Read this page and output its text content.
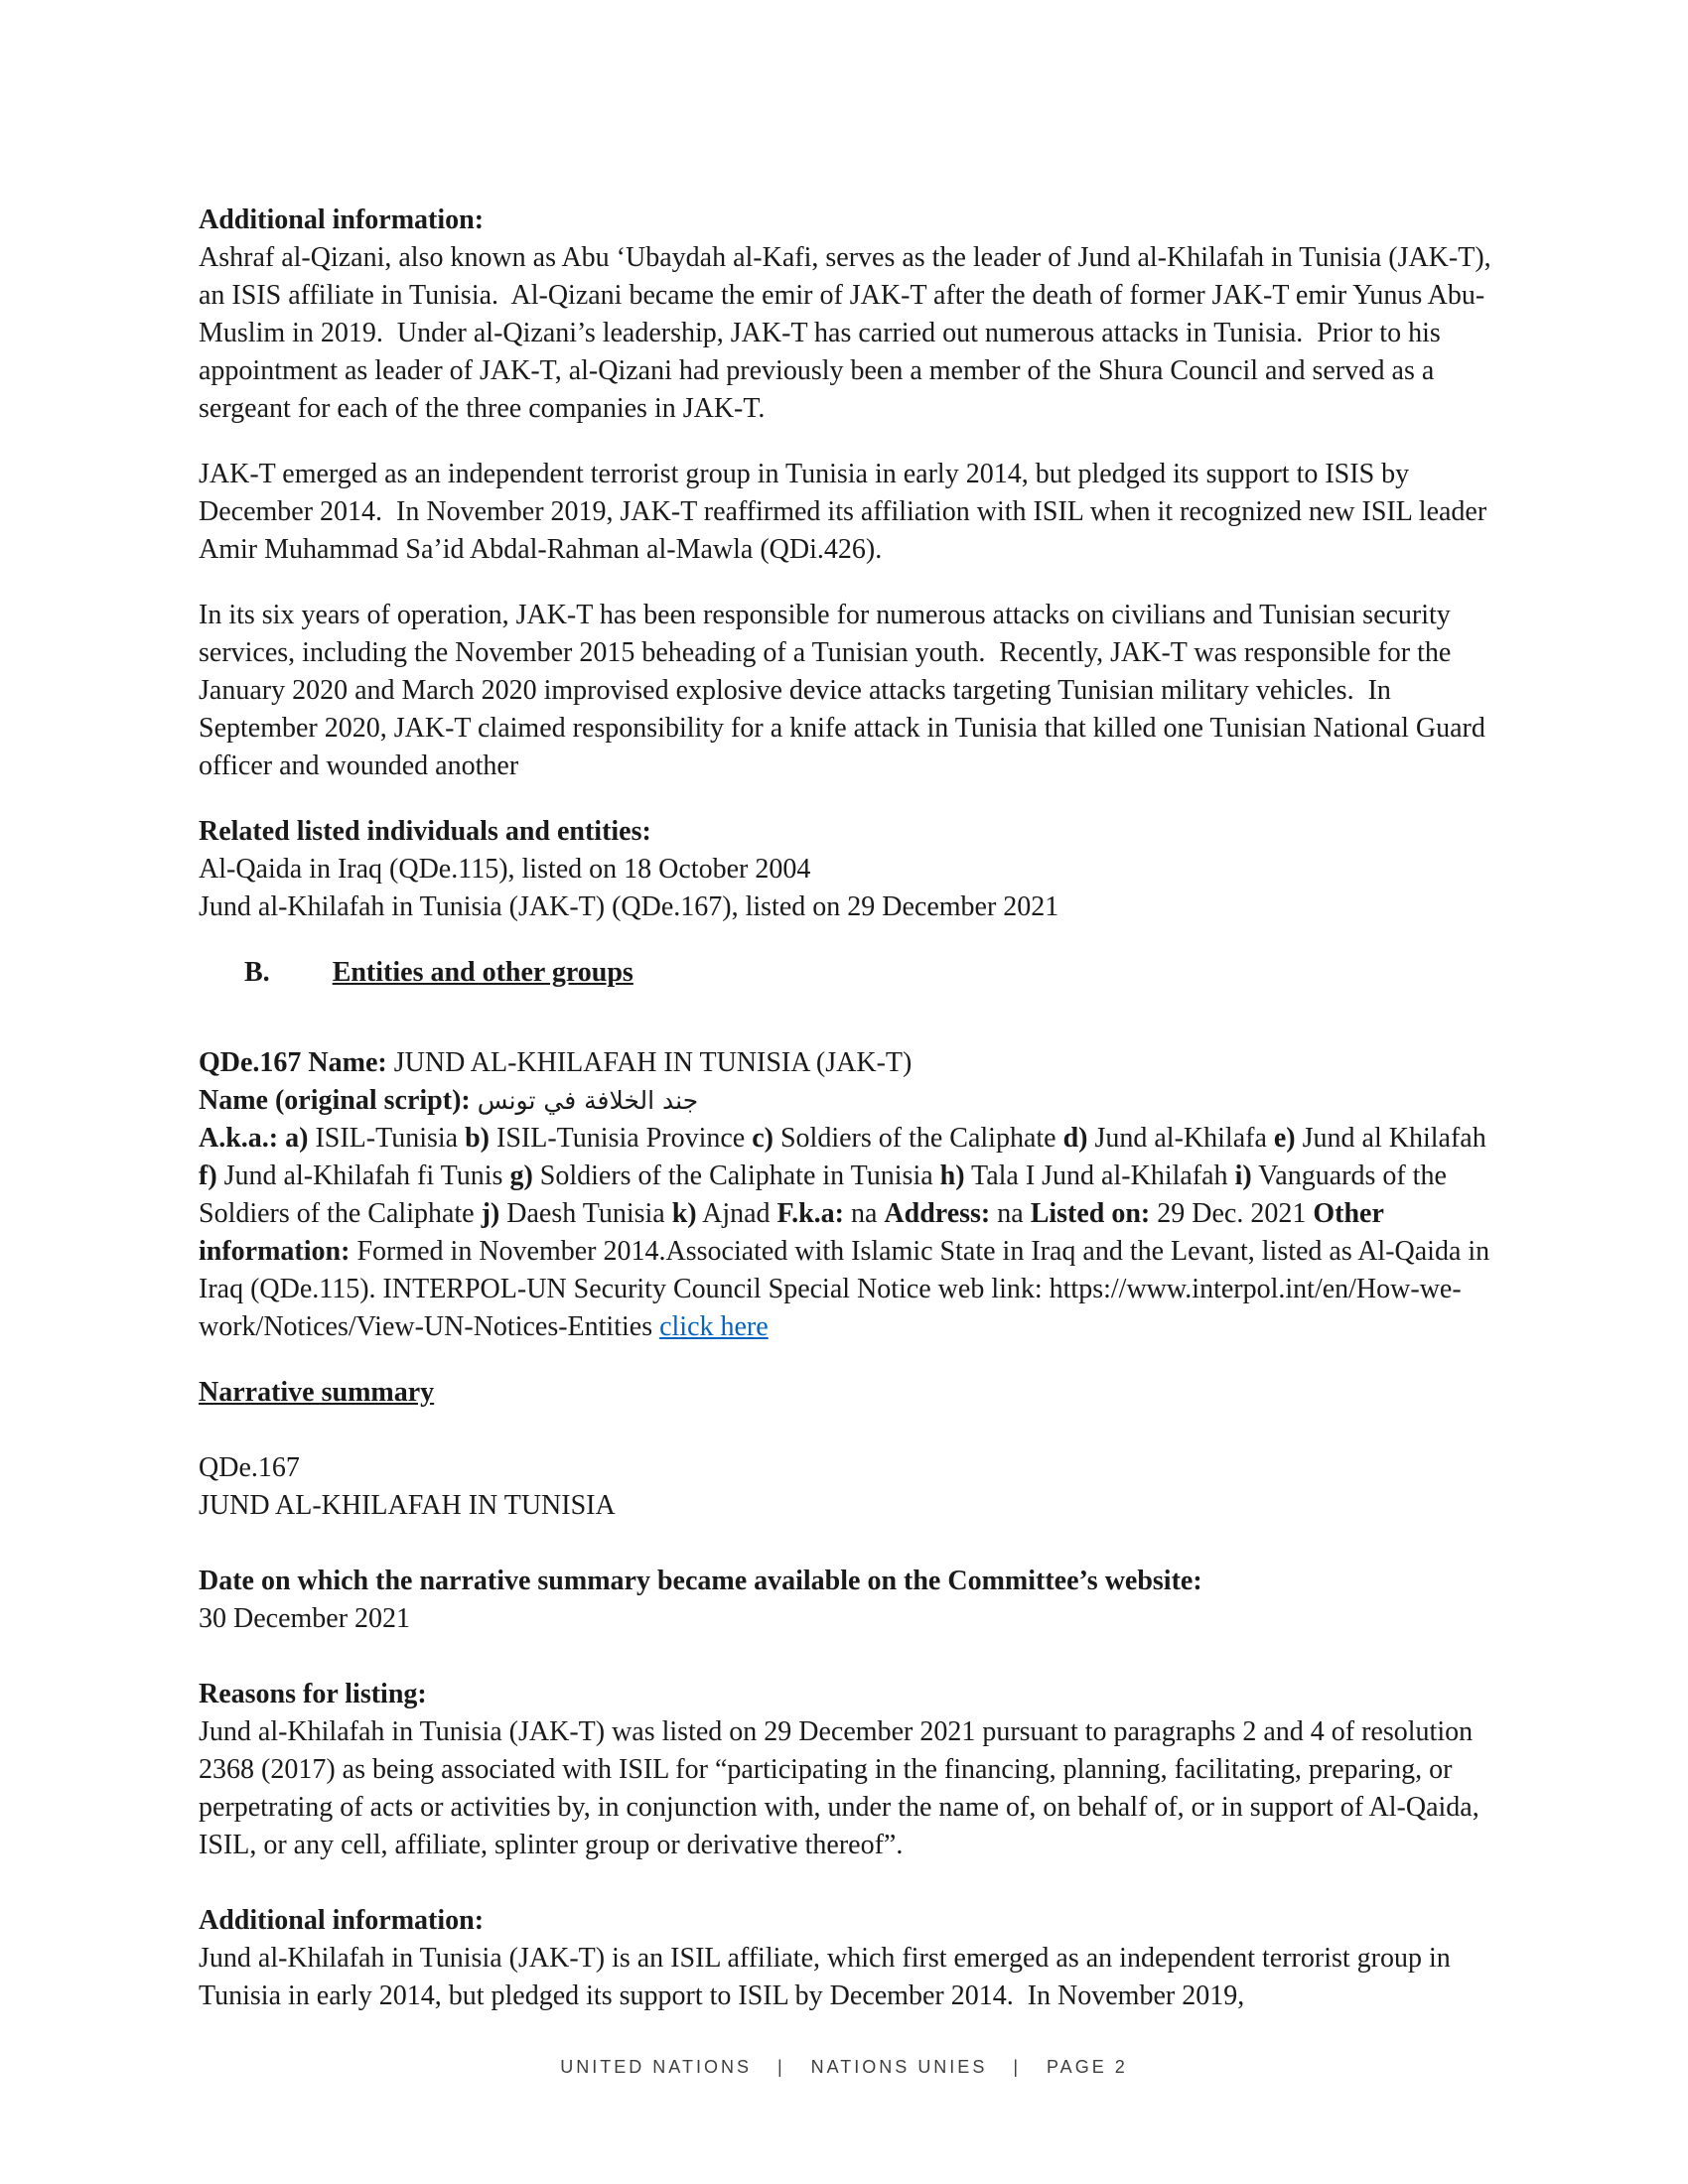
Additional information:
Ashraf al-Qizani, also known as Abu ‘Ubaydah al-Kafi, serves as the leader of Jund al-Khilafah in Tunisia (JAK-T), an ISIS affiliate in Tunisia.  Al-Qizani became the emir of JAK-T after the death of former JAK-T emir Yunus Abu-Muslim in 2019.  Under al-Qizani’s leadership, JAK-T has carried out numerous attacks in Tunisia.  Prior to his appointment as leader of JAK-T, al-Qizani had previously been a member of the Shura Council and served as a sergeant for each of the three companies in JAK-T.
JAK-T emerged as an independent terrorist group in Tunisia in early 2014, but pledged its support to ISIS by December 2014.  In November 2019, JAK-T reaffirmed its affiliation with ISIL when it recognized new ISIL leader Amir Muhammad Sa’id Abdal-Rahman al-Mawla (QDi.426).
In its six years of operation, JAK-T has been responsible for numerous attacks on civilians and Tunisian security services, including the November 2015 beheading of a Tunisian youth.  Recently, JAK-T was responsible for the January 2020 and March 2020 improvised explosive device attacks targeting Tunisian military vehicles.  In September 2020, JAK-T claimed responsibility for a knife attack in Tunisia that killed one Tunisian National Guard officer and wounded another
Related listed individuals and entities:
Al-Qaida in Iraq (QDe.115), listed on 18 October 2004
Jund al-Khilafah in Tunisia (JAK-T) (QDe.167), listed on 29 December 2021
B. Entities and other groups
QDe.167 Name: JUND AL-KHILAFAH IN TUNISIA (JAK-T)
Name (original script): جند الخلافة في تونس
A.k.a.: a) ISIL-Tunisia b) ISIL-Tunisia Province c) Soldiers of the Caliphate d) Jund al-Khilafa e) Jund al Khilafah f) Jund al-Khilafah fi Tunis g) Soldiers of the Caliphate in Tunisia h) Tala I Jund al-Khilafah i) Vanguards of the Soldiers of the Caliphate j) Daesh Tunisia k) Ajnad F.k.a: na Address: na Listed on: 29 Dec. 2021 Other information: Formed in November 2014.Associated with Islamic State in Iraq and the Levant, listed as Al-Qaida in Iraq (QDe.115). INTERPOL-UN Security Council Special Notice web link: https://www.interpol.int/en/How-we-work/Notices/View-UN-Notices-Entities click here
Narrative summary
QDe.167
JUND AL-KHILAFAH IN TUNISIA
Date on which the narrative summary became available on the Committee’s website:
30 December 2021
Reasons for listing:
Jund al-Khilafah in Tunisia (JAK-T) was listed on 29 December 2021 pursuant to paragraphs 2 and 4 of resolution 2368 (2017) as being associated with ISIL for “participating in the financing, planning, facilitating, preparing, or perpetrating of acts or activities by, in conjunction with, under the name of, on behalf of, or in support of Al-Qaida, ISIL, or any cell, affiliate, splinter group or derivative thereof”.
Additional information:
Jund al-Khilafah in Tunisia (JAK-T) is an ISIL affiliate, which first emerged as an independent terrorist group in Tunisia in early 2014, but pledged its support to ISIL by December 2014.  In November 2019,
UNITED NATIONS | NATIONS UNIES | PAGE 2
